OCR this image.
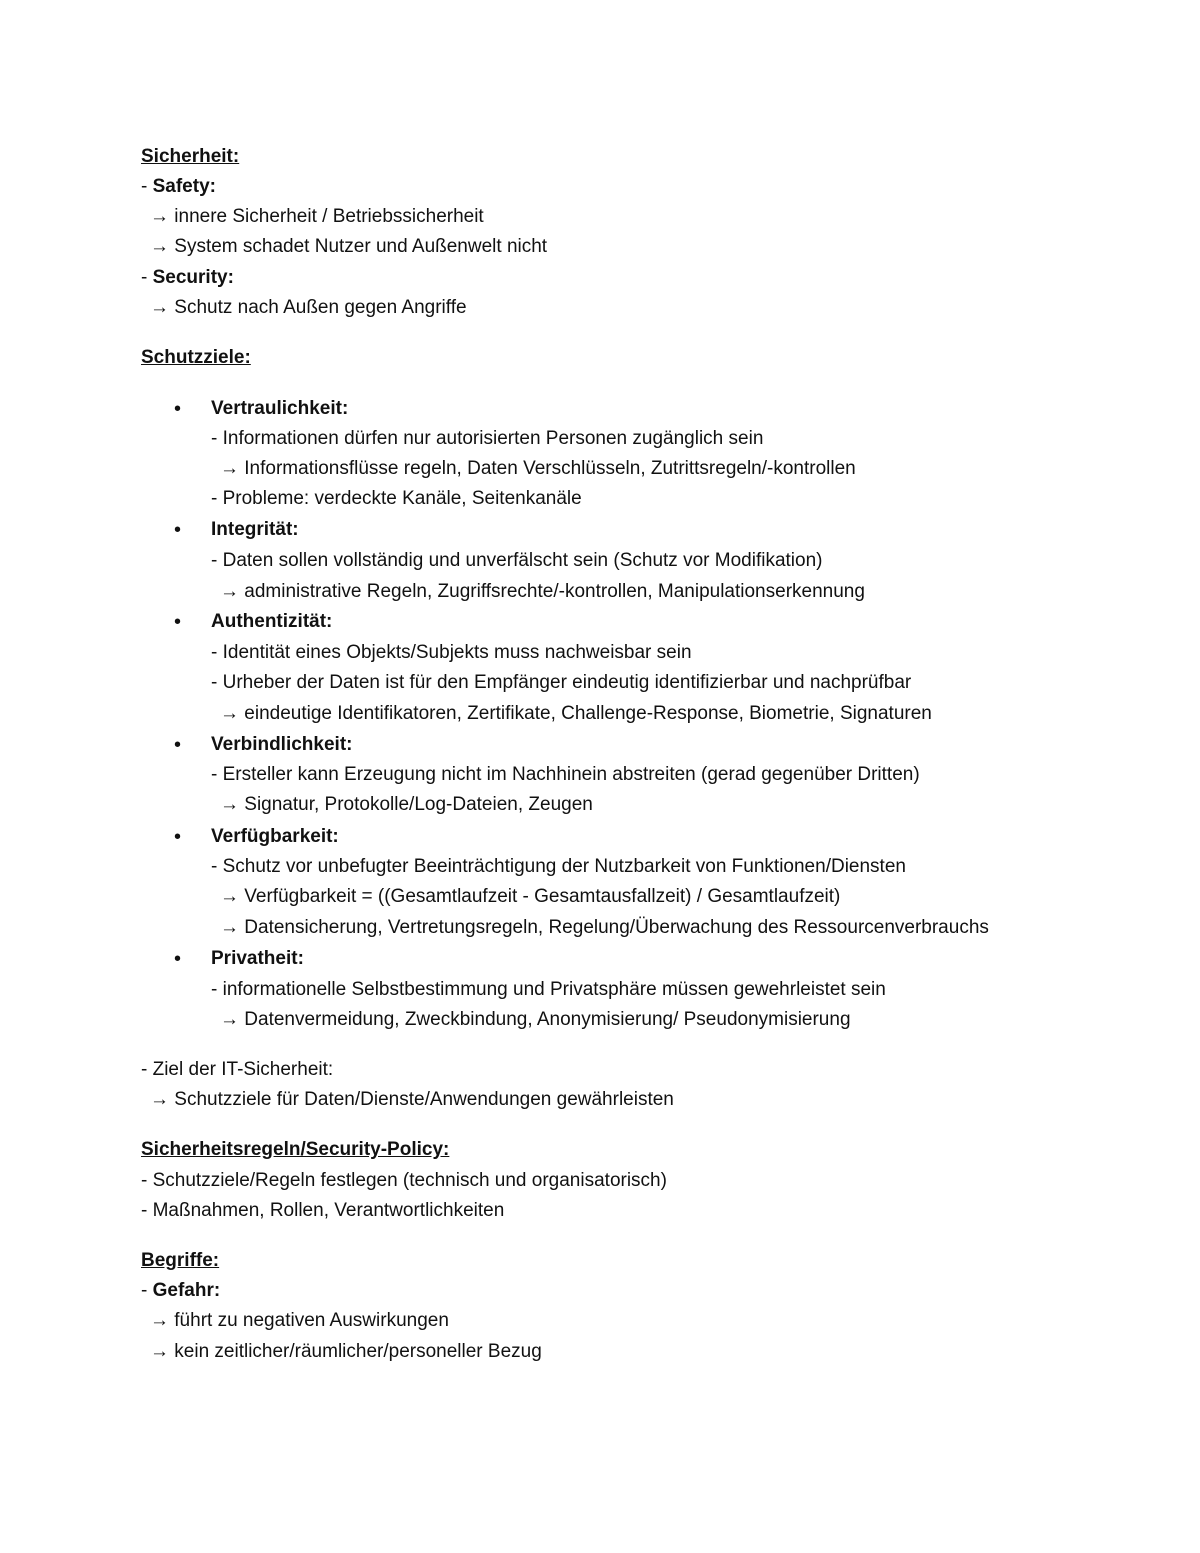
Sicherheit:
- Safety:
→ innere Sicherheit / Betriebssicherheit
→ System schadet Nutzer und Außenwelt nicht
- Security:
→ Schutz nach Außen gegen Angriffe
Schutzziele:
• Vertraulichkeit:
- Informationen dürfen nur autorisierten Personen zugänglich sein
→ Informationsflüsse regeln, Daten Verschlüsseln, Zutrittsregeln/-kontrollen
- Probleme: verdeckte Kanäle, Seitenkanäle
• Integrität:
- Daten sollen vollständig und unverfälscht sein (Schutz vor Modifikation)
→ administrative Regeln, Zugriffsrechte/-kontrollen, Manipulationserkennung
• Authentizität:
- Identität eines Objekts/Subjekts muss nachweisbar sein
- Urheber der Daten ist für den Empfänger eindeutig identifizierbar und nachprüfbar
→ eindeutige Identifikatoren, Zertifikate, Challenge-Response, Biometrie, Signaturen
• Verbindlichkeit:
- Ersteller kann Erzeugung nicht im Nachhinein abstreiten (gerad gegenüber Dritten)
→ Signatur, Protokolle/Log-Dateien, Zeugen
• Verfügbarkeit:
- Schutz vor unbefugter Beeinträchtigung der Nutzbarkeit von Funktionen/Diensten
→ Verfügbarkeit = ((Gesamtlaufzeit - Gesamtausfallzeit) / Gesamtlaufzeit)
→ Datensicherung, Vertretungsregeln, Regelung/Überwachung des Ressourcenverbrauchs
• Privatheit:
- informationelle Selbstbestimmung und Privatsphäre müssen gewehrleistet sein
→ Datenvermeidung, Zweckbindung, Anonymisierung/ Pseudonymisierung
- Ziel der IT-Sicherheit:
→ Schutzziele für Daten/Dienste/Anwendungen gewährleisten
Sicherheitsregeln/Security-Policy:
- Schutzziele/Regeln festlegen (technisch und organisatorisch)
- Maßnahmen, Rollen, Verantwortlichkeiten
Begriffe:
- Gefahr:
→ führt zu negativen Auswirkungen
→ kein zeitlicher/räumlicher/personeller Bezug
